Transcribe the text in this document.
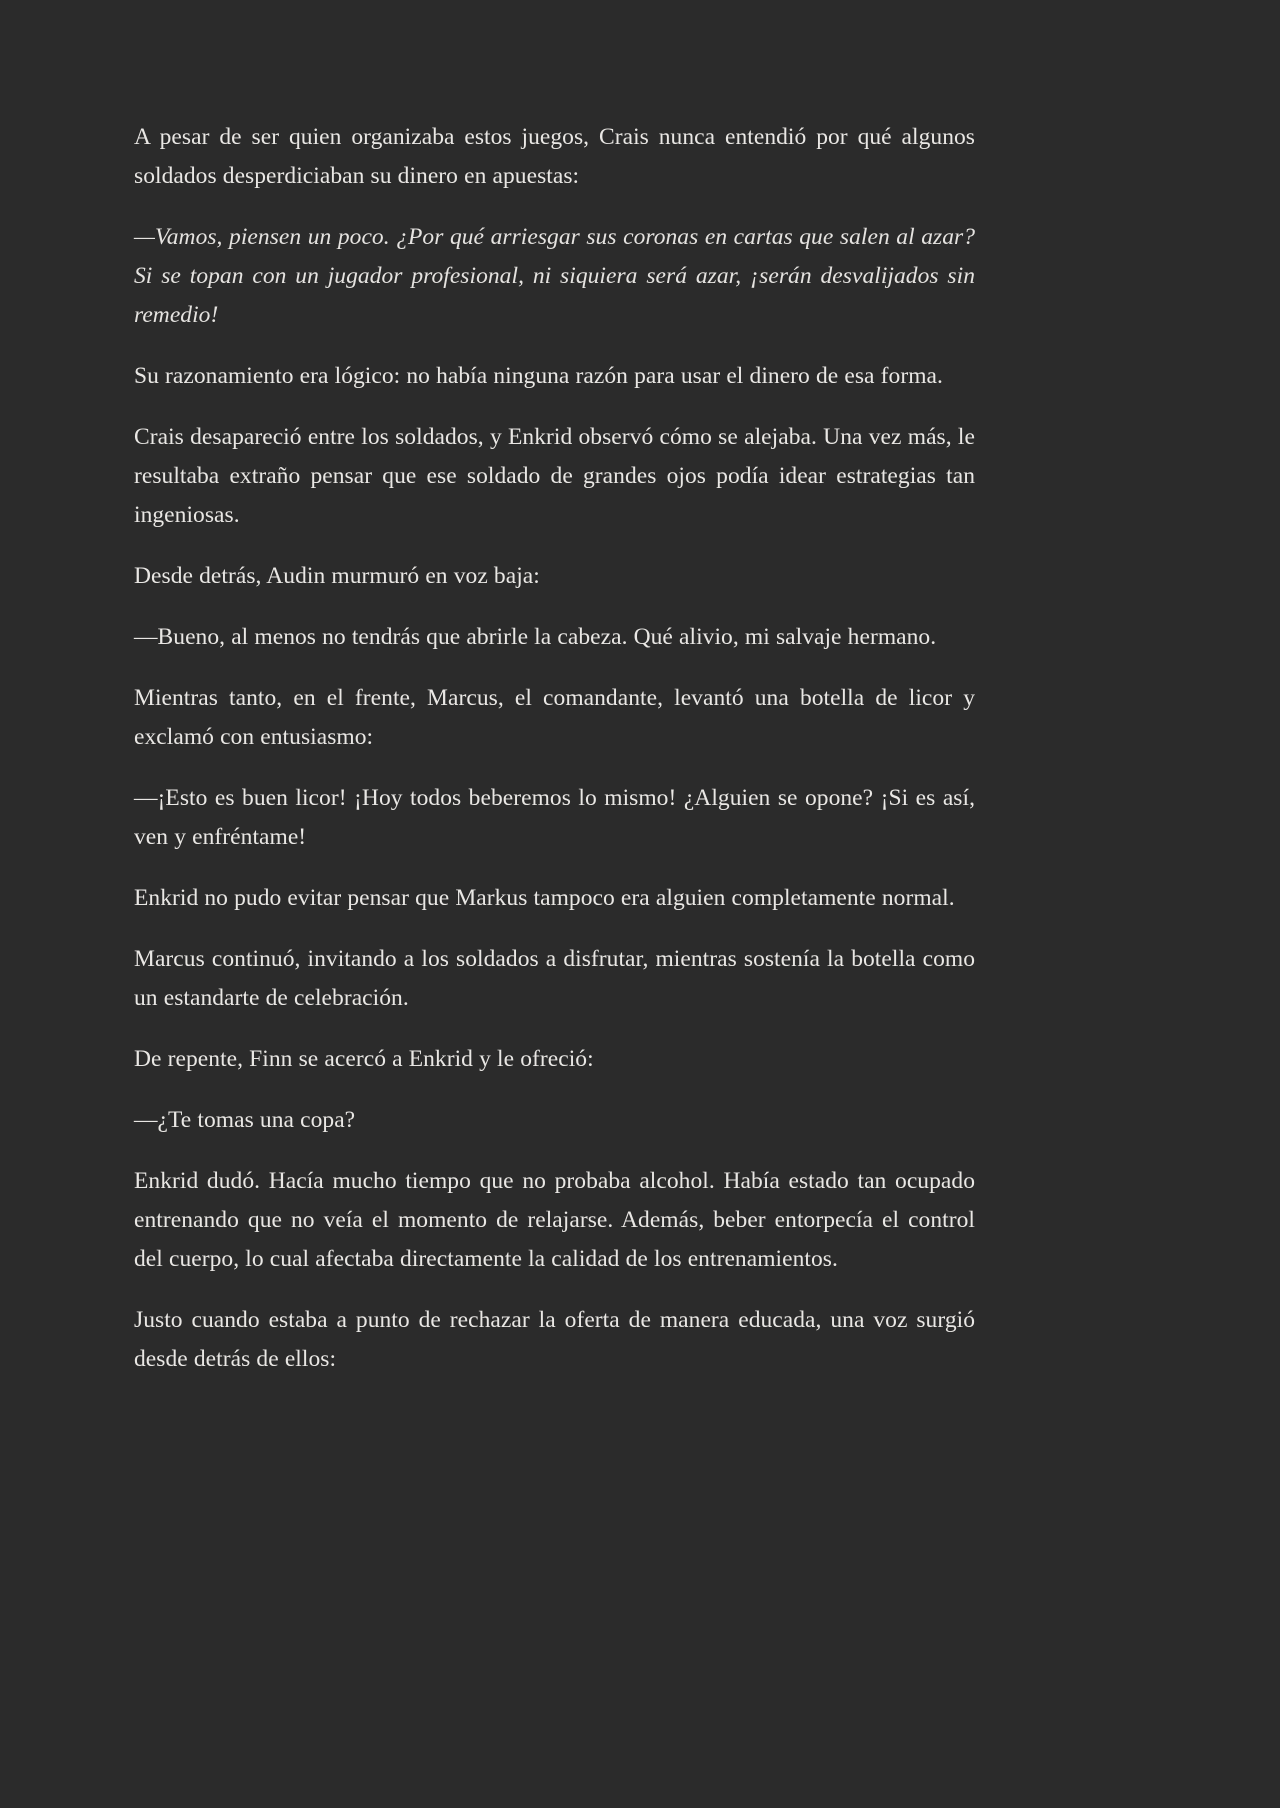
A pesar de ser quien organizaba estos juegos, Crais nunca entendió por qué algunos soldados desperdiciaban su dinero en apuestas:

—Vamos, piensen un poco. ¿Por qué arriesgar sus coronas en cartas que salen al azar? Si se topan con un jugador profesional, ni siquiera será azar, ¡serán desvalijados sin remedio!

Su razonamiento era lógico: no había ninguna razón para usar el dinero de esa forma.

Crais desapareció entre los soldados, y Enkrid observó cómo se alejaba. Una vez más, le resultaba extraño pensar que ese soldado de grandes ojos podía idear estrategias tan ingeniosas.

Desde detrás, Audin murmuró en voz baja:

—Bueno, al menos no tendrás que abrirle la cabeza. Qué alivio, mi salvaje hermano.

Mientras tanto, en el frente, Marcus, el comandante, levantó una botella de licor y exclamó con entusiasmo:

—¡Esto es buen licor! ¡Hoy todos beberemos lo mismo! ¿Alguien se opone? ¡Si es así, ven y enfréntame!

Enkrid no pudo evitar pensar que Markus tampoco era alguien completamente normal.

Marcus continuó, invitando a los soldados a disfrutar, mientras sostenía la botella como un estandarte de celebración.

De repente, Finn se acercó a Enkrid y le ofreció:

—¿Te tomas una copa?

Enkrid dudó. Hacía mucho tiempo que no probaba alcohol. Había estado tan ocupado entrenando que no veía el momento de relajarse. Además, beber entorpecía el control del cuerpo, lo cual afectaba directamente la calidad de los entrenamientos.

Justo cuando estaba a punto de rechazar la oferta de manera educada, una voz surgió desde detrás de ellos:
